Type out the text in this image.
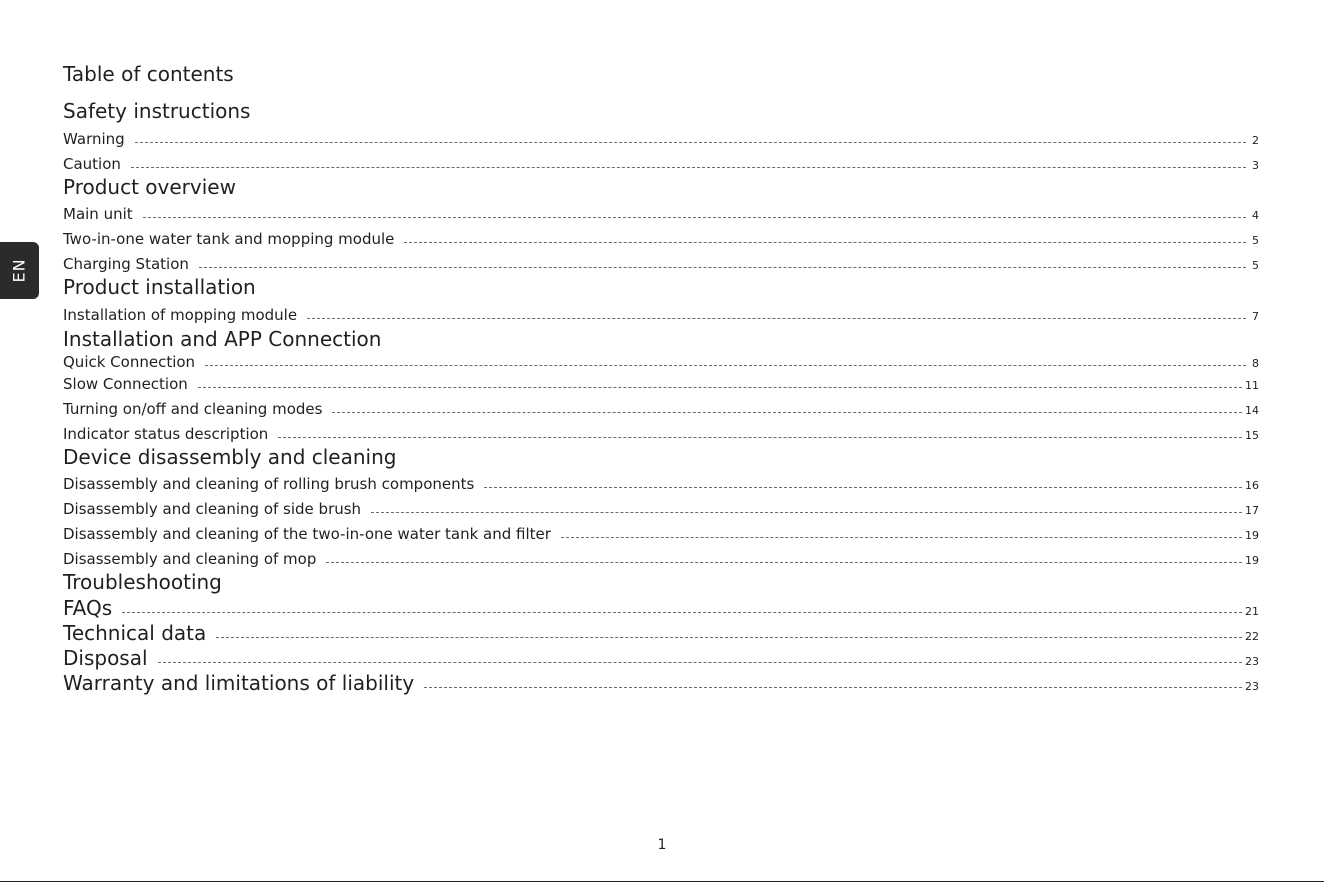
Table of contents
Safety instructions
Warning	2
Caution	3
Product overview
Main unit	4
Two-in-one water tank and mopping module	5
Charging Station	5
Product installation
Installation of mopping module	7
Installation and APP Connection
Quick Connection	8
Slow Connection	11
Turning on/off and cleaning modes	14
Indicator status description	15
Device disassembly and cleaning
Disassembly and cleaning of rolling brush components	16
Disassembly and cleaning of side brush	17
Disassembly and cleaning of the two-in-one water tank and filter	19
Disassembly and cleaning of mop	19
Troubleshooting
FAQs	21
Technical data	22
Disposal	23
Warranty and limitations of liability	23
EN
1
